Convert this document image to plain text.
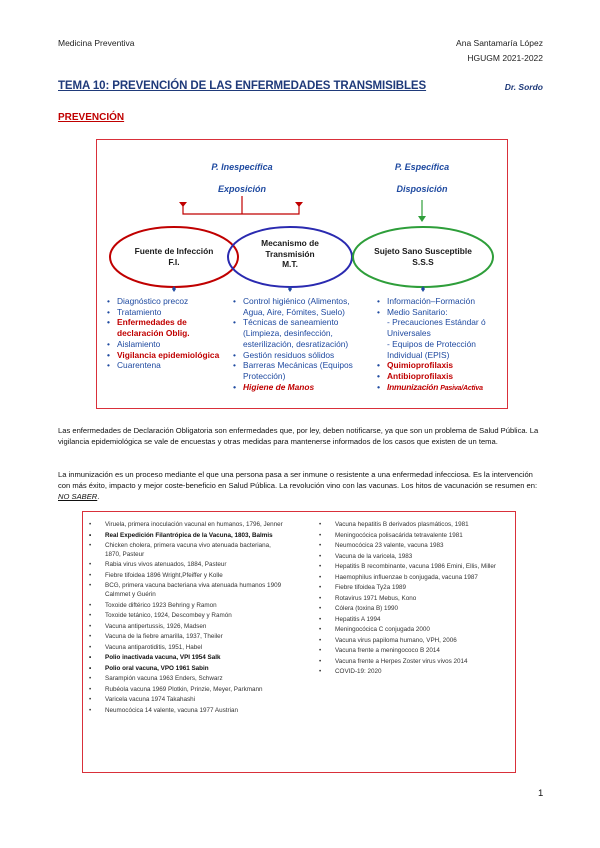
Medicina Preventiva	Ana Santamaría López
HGUGM 2021-2022
TEMA 10: PREVENCIÓN DE LAS ENFERMEDADES TRANSMISIBLES	Dr. Sordo
PREVENCIÓN
P. Inespecífica
Exposición
P. Específica
Disposición
Fuente de Infección
F.I.
Mecanismo de
Transmisión
M.T.
Sujeto Sano Susceptible
S.S.S
• Diagnóstico precoz
• Tratamiento
• Enfermedades de
declaración Oblig.
• Aislamiento
• Vigilancia epidemiológica
• Cuarentena
• Control higiénico (Alimentos,
Agua, Aire, Fómites, Suelo)
• Técnicas de saneamiento
(Limpieza, desinfección,
esterilización, desratización)
• Gestión residuos sólidos
• Barreras Mecánicas (Equipos
Protección)
• Higiene de Manos
• Información–Formación
• Medio Sanitario:
- Precauciones Estándar ó
Universales
- Equipos de Protección
Individual (EPIS)
• Quimioprofilaxis
• Antibioprofilaxis
• Inmunización Pasiva/Activa
Las enfermedades de Declaración Obligatoria son enfermedades que, por ley, deben notificarse, ya que son un problema de Salud Pública. La vigilancia epidemiológica se vale de encuestas y otras medidas para mantenerse informados de los casos que existen de un tema.
La inmunización es un proceso mediante el que una persona pasa a ser inmune o resistente a una enfermedad infecciosa. Es la intervención con más éxito, impacto y mejor coste-beneficio en Salud Pública. La revolución vino con las vacunas. Los hitos de vacunación se resumen en: NO SABER.
• Viruela, primera inoculación vacunal en humanos, 1796, Jenner
• Real Expedición Filantrópica de la Vacuna, 1803, Balmis
• Chicken cholera, primera vacuna vivo atenuada bacteriana, 1870, Pasteur
• Rabia virus vivos atenuados, 1884, Pasteur
• Fiebre tifoidea 1896 Wright,Pfeiffer y Kolle
• BCG, primera vacuna bacteriana viva atenuada humanos 1909 Calmmet y Guérin
• Toxoide diftérico 1923 Behring y Ramon
• Toxoide tetánico, 1924, Descombey y Ramón
• Vacuna antipertussis, 1926, Madsen
• Vacuna de la fiebre amarilla, 1937, Theiler
• Vacuna antiparotiditis, 1951, Habel
• Polio inactivada vacuna, VPI 1954 Salk
• Polio oral vacuna, VPO 1961 Sabin
• Sarampión vacuna 1963 Enders, Schwarz
• Rubéola vacuna 1969 Plotkin, Prinzie, Meyer, Parkmann
• Varicela vacuna 1974 Takahashi
• Neumocócica 14 valente, vacuna 1977 Austrian
• Vacuna hepatitis B derivados plasmáticos, 1981
• Meningocócica polisacárida tetravalente 1981
• Neumocócica 23 valente, vacuna 1983
• Vacuna de la varicela, 1983
• Hepatitis B recombinante, vacuna 1986 Emini, Ellis, Miller
• Haemophilus influenzae b conjugada, vacuna 1987
• Fiebre tifoidea Ty2a 1989
• Rotavirus 1971 Mebus, Kono
• Cólera (toxina B) 1990
• Hepatitis A 1994
• Meningocócica C conjugada 2000
• Vacuna virus papiloma humano, VPH, 2006
• Vacuna frente a meningococo B 2014
• Vacuna frente a Herpes Zoster virus vivos 2014
• COVID-19: 2020
1
